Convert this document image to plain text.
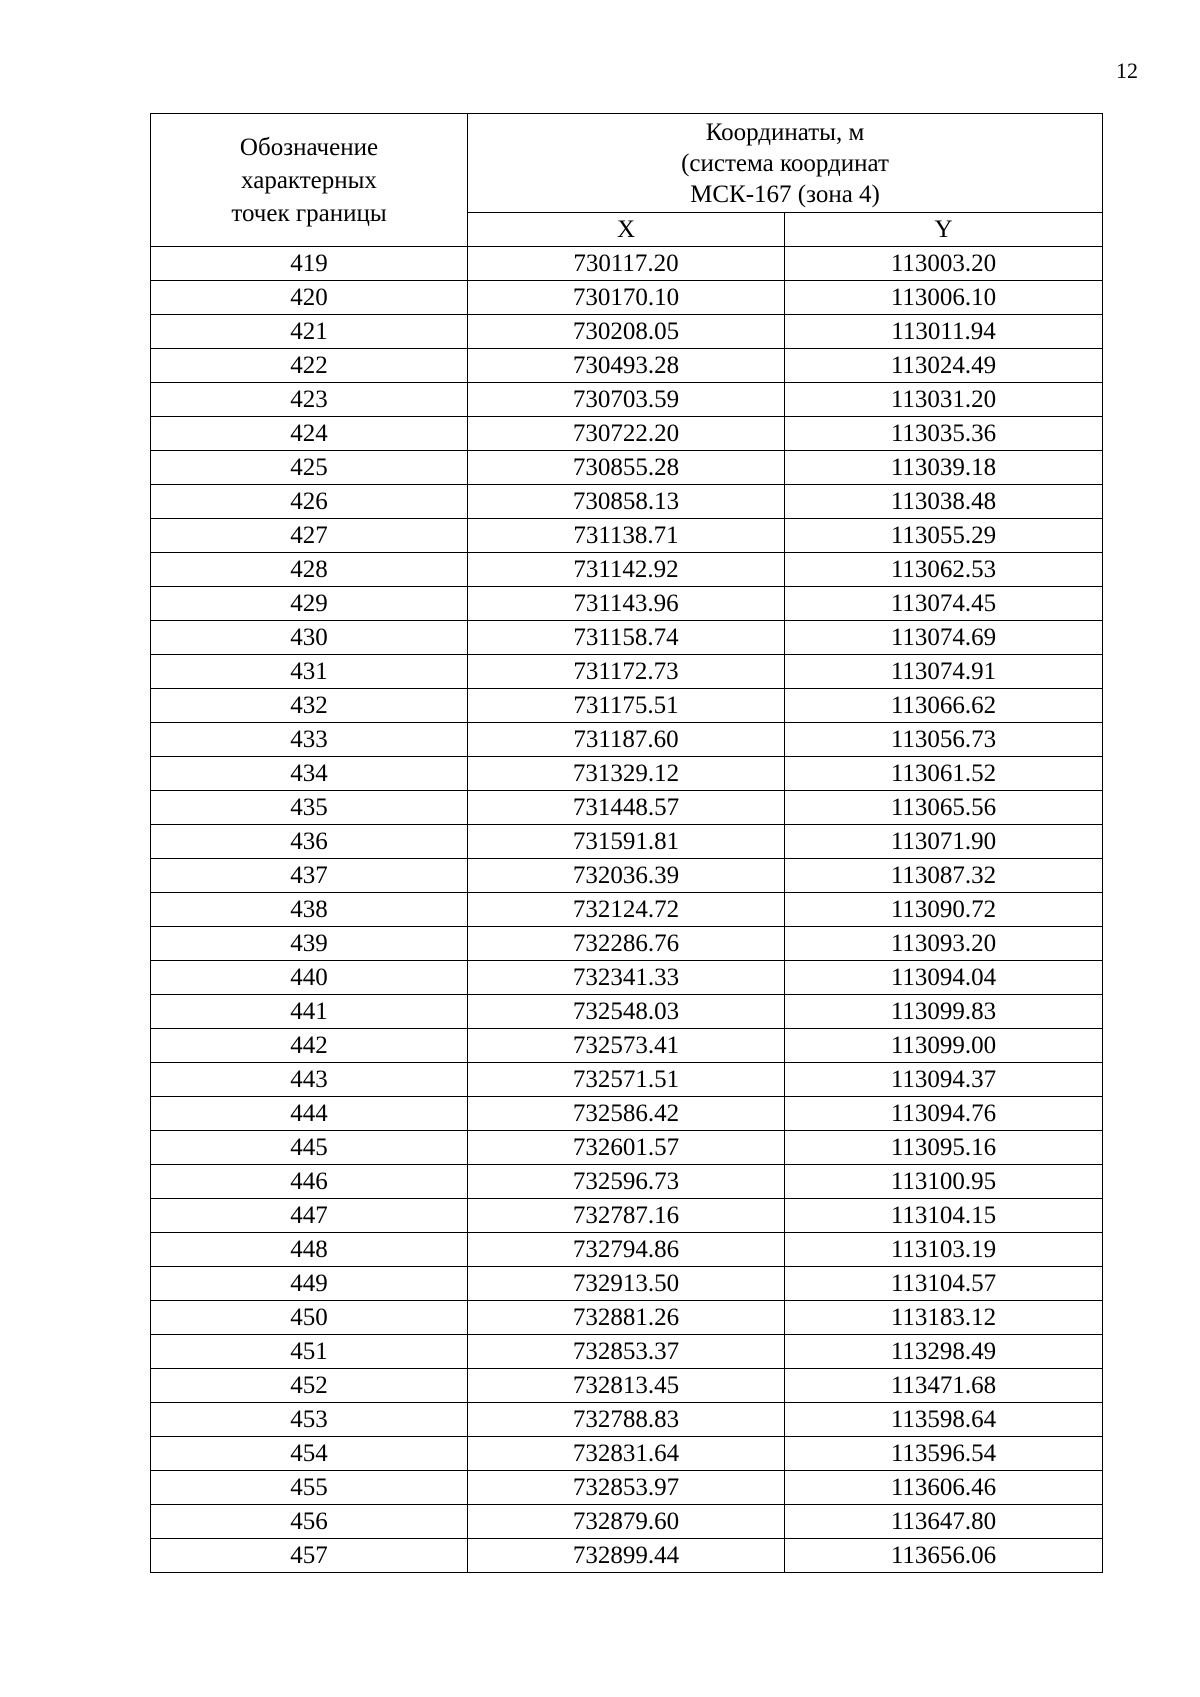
12
Обозначение
характерных
точек границы	Координаты, м
(система координат
МСК-167 (зона 4)	

	X	Y
419	730117.20	113003.20
420	730170.10	113006.10
421	730208.05	113011.94
422	730493.28	113024.49
423	730703.59	113031.20
424	730722.20	113035.36
425	730855.28	113039.18
426	730858.13	113038.48
427	731138.71	113055.29
428	731142.92	113062.53
429	731143.96	113074.45
430	731158.74	113074.69
431	731172.73	113074.91
432	731175.51	113066.62
433	731187.60	113056.73
434	731329.12	113061.52
435	731448.57	113065.56
436	731591.81	113071.90
437	732036.39	113087.32
438	732124.72	113090.72
439	732286.76	113093.20
440	732341.33	113094.04
441	732548.03	113099.83
442	732573.41	113099.00
443	732571.51	113094.37
444	732586.42	113094.76
445	732601.57	113095.16
446	732596.73	113100.95
447	732787.16	113104.15
448	732794.86	113103.19
449	732913.50	113104.57
450	732881.26	113183.12
451	732853.37	113298.49
452	732813.45	113471.68
453	732788.83	113598.64
454	732831.64	113596.54
455	732853.97	113606.46
456	732879.60	113647.80
457	732899.44	113656.06
